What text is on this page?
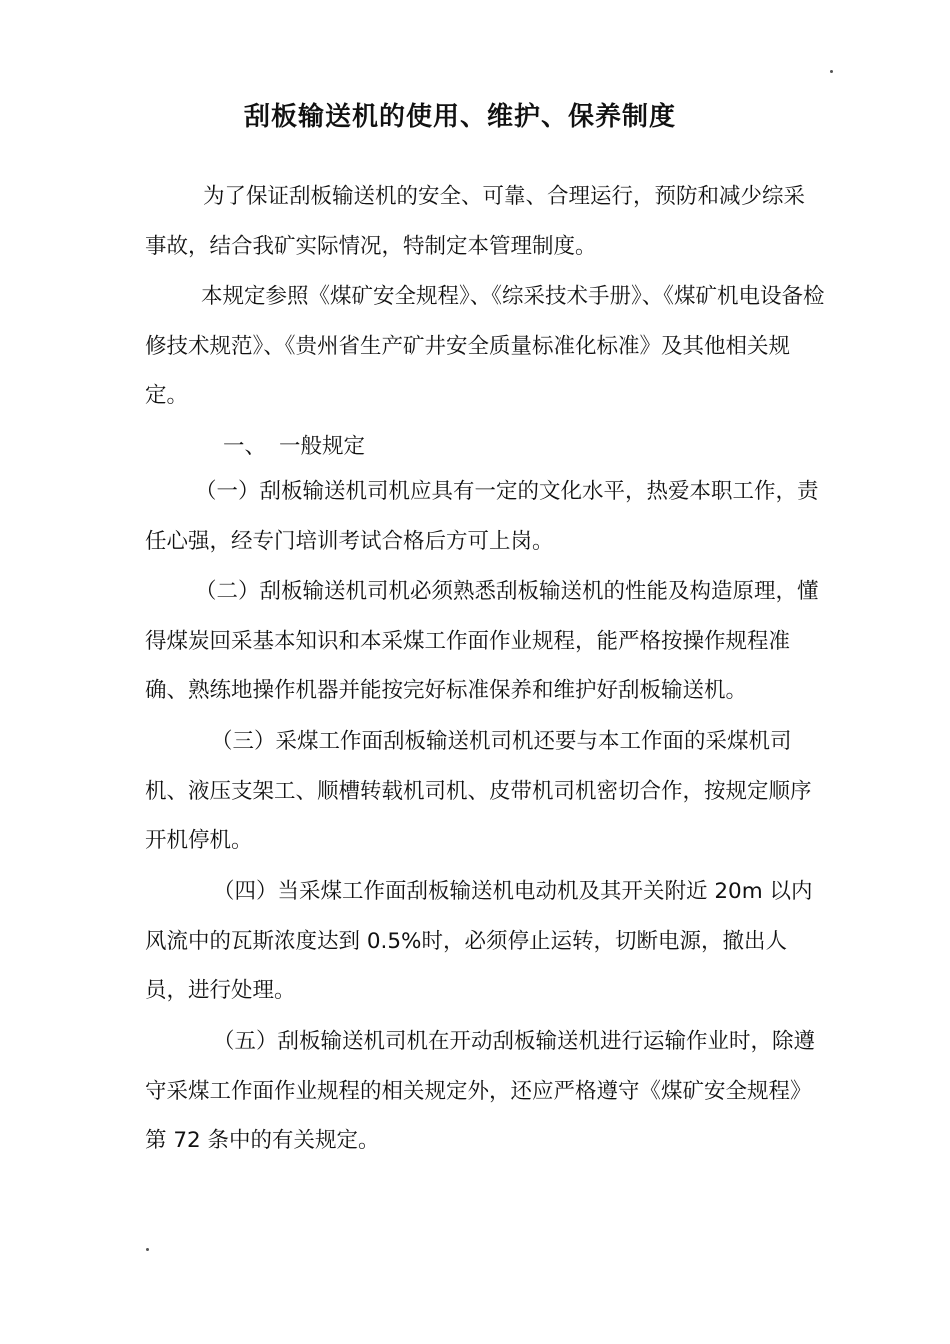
刮板输送机的使用、维护、保养制度

为了保证刮板输送机的安全、可靠、合理运行，预防和减少综采事故，结合我矿实际情况，特制定本管理制度。

本规定参照《煤矿安全规程》、《综采技术手册》、《煤矿机电设备检修技术规范》、《贵州省生产矿井安全质量标准化标准》及其他相关规定。

一、 一般规定

（一）刮板输送机司机应具有一定的文化水平，热爱本职工作，责任心强，经专门培训考试合格后方可上岗。

（二）刮板输送机司机必须熟悉刮板输送机的性能及构造原理，懂得煤炭回采基本知识和本采煤工作面作业规程，能严格按操作规程准确、熟练地操作机器并能按完好标准保养和维护好刮板输送机。

（三）采煤工作面刮板输送机司机还要与本工作面的采煤机司机、液压支架工、顺槽转载机司机、皮带机司机密切合作，按规定顺序开机停机。

（四）当采煤工作面刮板输送机电动机及其开关附近 20m 以内风流中的瓦斯浓度达到 0.5%时，必须停止运转，切断电源，撤出人员，进行处理。

（五）刮板输送机司机在开动刮板输送机进行运输作业时，除遵守采煤工作面作业规程的相关规定外，还应严格遵守《煤矿安全规程》第 72 条中的有关规定。
